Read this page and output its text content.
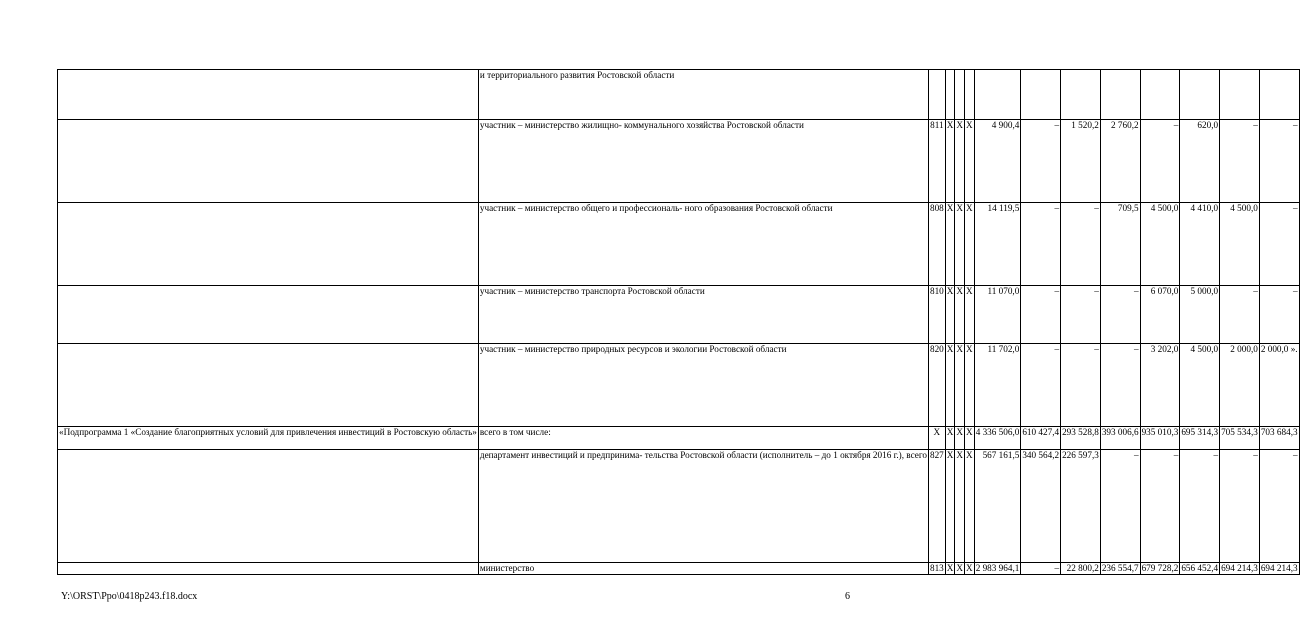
	и территориального развития Ростовской области												
	участник – министерство жилищно- коммунального хозяйства Ростовской области	811	Х	Х	Х	4 900,4	–	1 520,2	2 760,2	–	620,0	–	–
	участник – министерство общего и профессиональ- ного образования Ростовской области	808	Х	Х	Х	14 119,5	–	–	709,5	4 500,0	4 410,0	4 500,0	–
	участник – министерство транспорта Ростовской области	810	Х	Х	Х	11 070,0	–	–	–	6 070,0	5 000,0	–	–
	участник – министерство природных ресурсов и экологии Ростовской области	820	Х	Х	Х	11 702,0	–	–	–	3 202,0	4 500,0	2 000,0	2 000,0 ».
«Подпрограмма 1 «Создание благоприятных условий для привлечения инвестиций в Ростовскую область»	всего в том числе:	Х	Х	Х	Х	4 336 506,0	610 427,4	293 528,8	393 006,6	935 010,3	695 314,3	705 534,3	703 684,3
	департамент инвестиций и предпринима- тельства Ростовской области (исполнитель – до 1 октября 2016 г.), всего	827	Х	Х	Х	567 161,5	340 564,2	226 597,3	–	–	–	–	–
	министерство	813	Х	Х	Х	2 983 964,1	–	22 800,2	236 554,7	679 728,2	656 452,4	694 214,3	694 214,3
Y:\ORST\Ppo\0418p243.f18.docx	6
